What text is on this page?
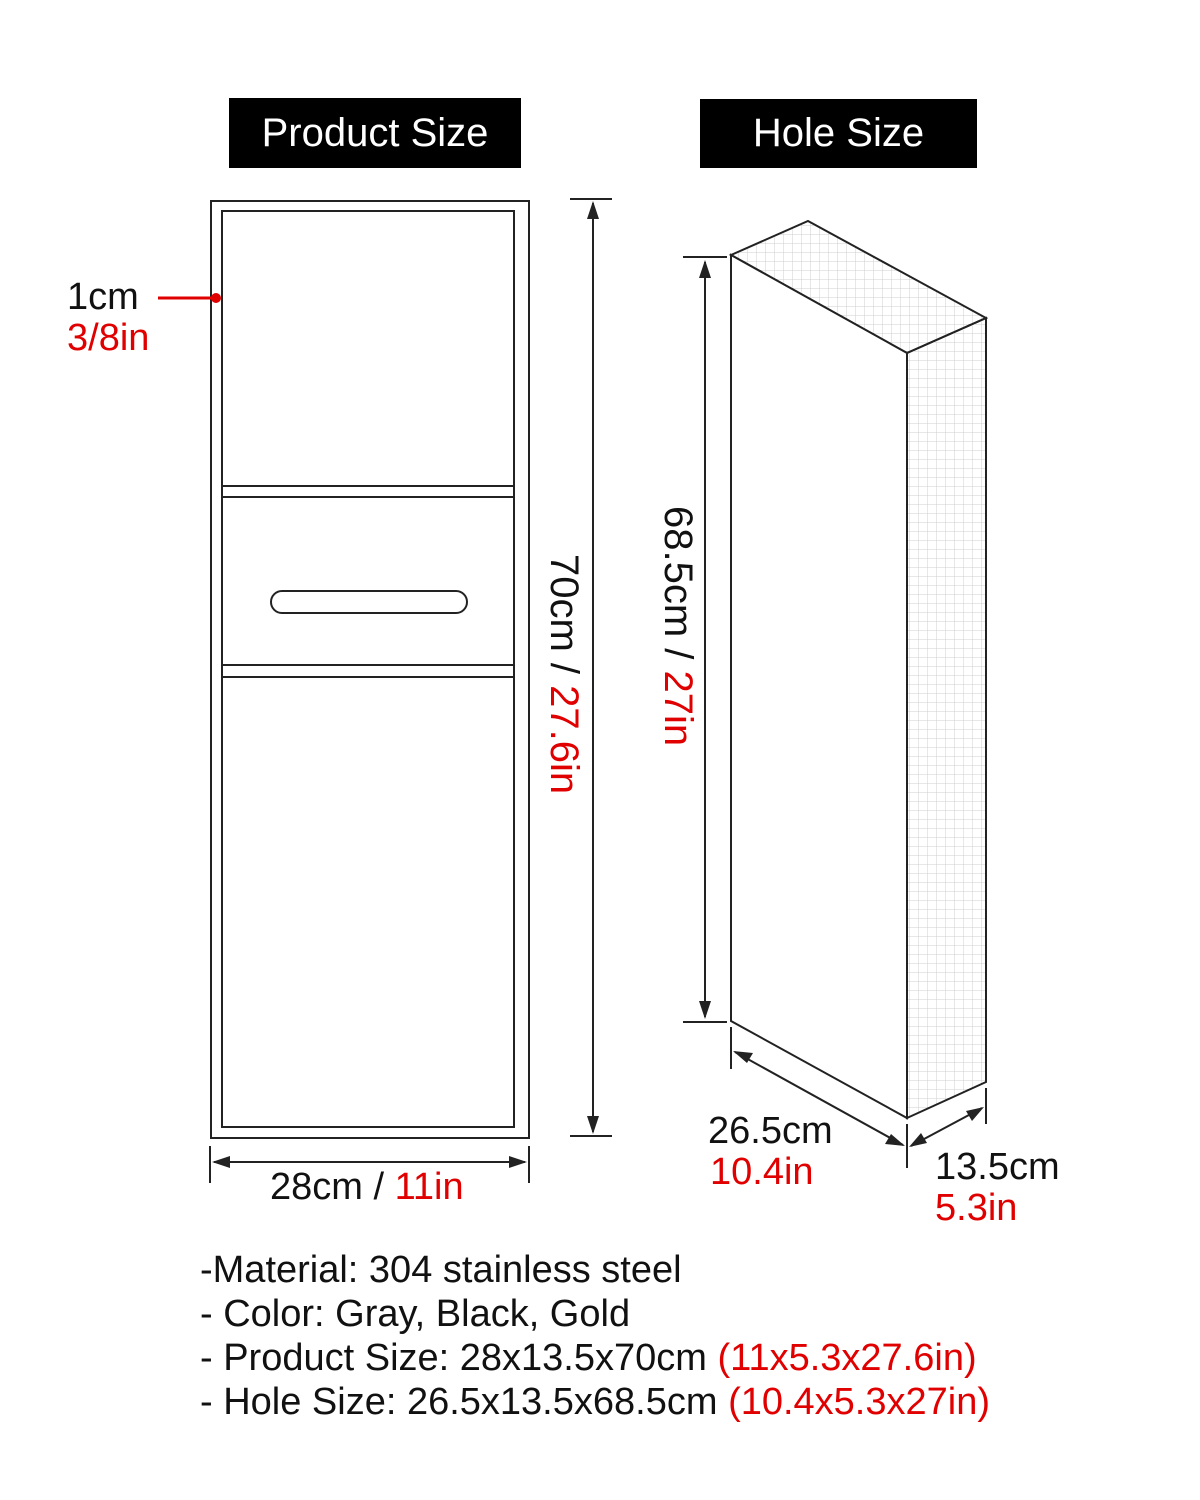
Product Size	Hole Size
1cm
3/8in
70cm / 27.6in
28cm / 11in
68.5cm / 27in
26.5cm
10.4in	13.5cm
5.3in
-Material: 304 stainless steel
- Color: Gray, Black, Gold
- Product Size: 28x13.5x70cm (11x5.3x27.6in)
- Hole Size: 26.5x13.5x68.5cm (10.4x5.3x27in)
